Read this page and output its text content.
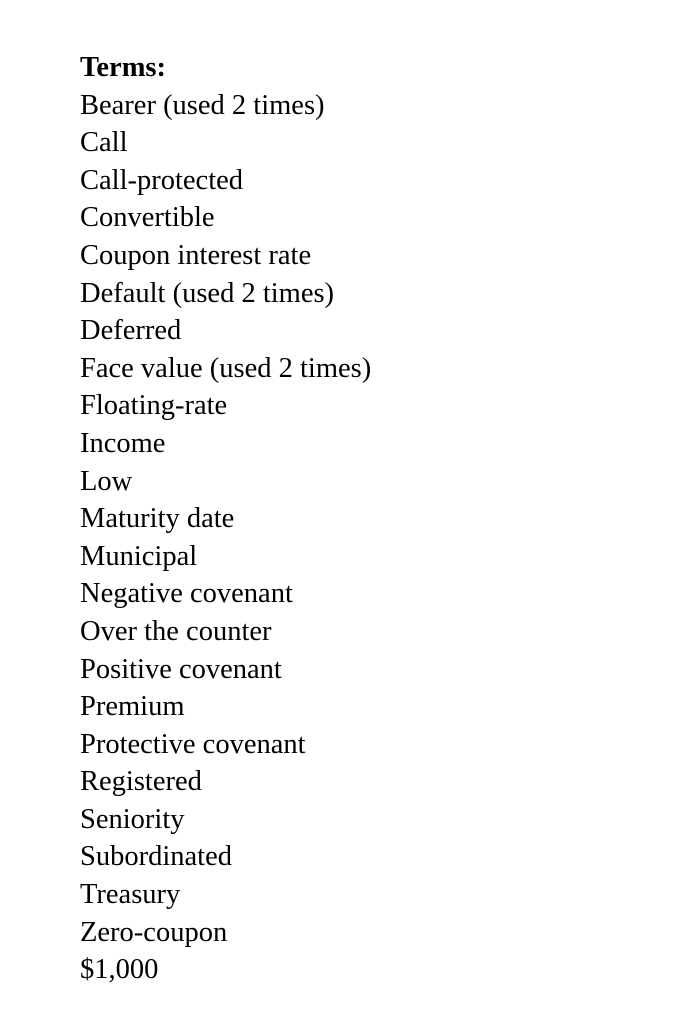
Terms:
Bearer (used 2 times)
Call
Call-protected
Convertible
Coupon interest rate
Default (used 2 times)
Deferred
Face value (used 2 times)
Floating-rate
Income
Low
Maturity date
Municipal
Negative covenant
Over the counter
Positive covenant
Premium
Protective covenant
Registered
Seniority
Subordinated
Treasury
Zero-coupon
$1,000
